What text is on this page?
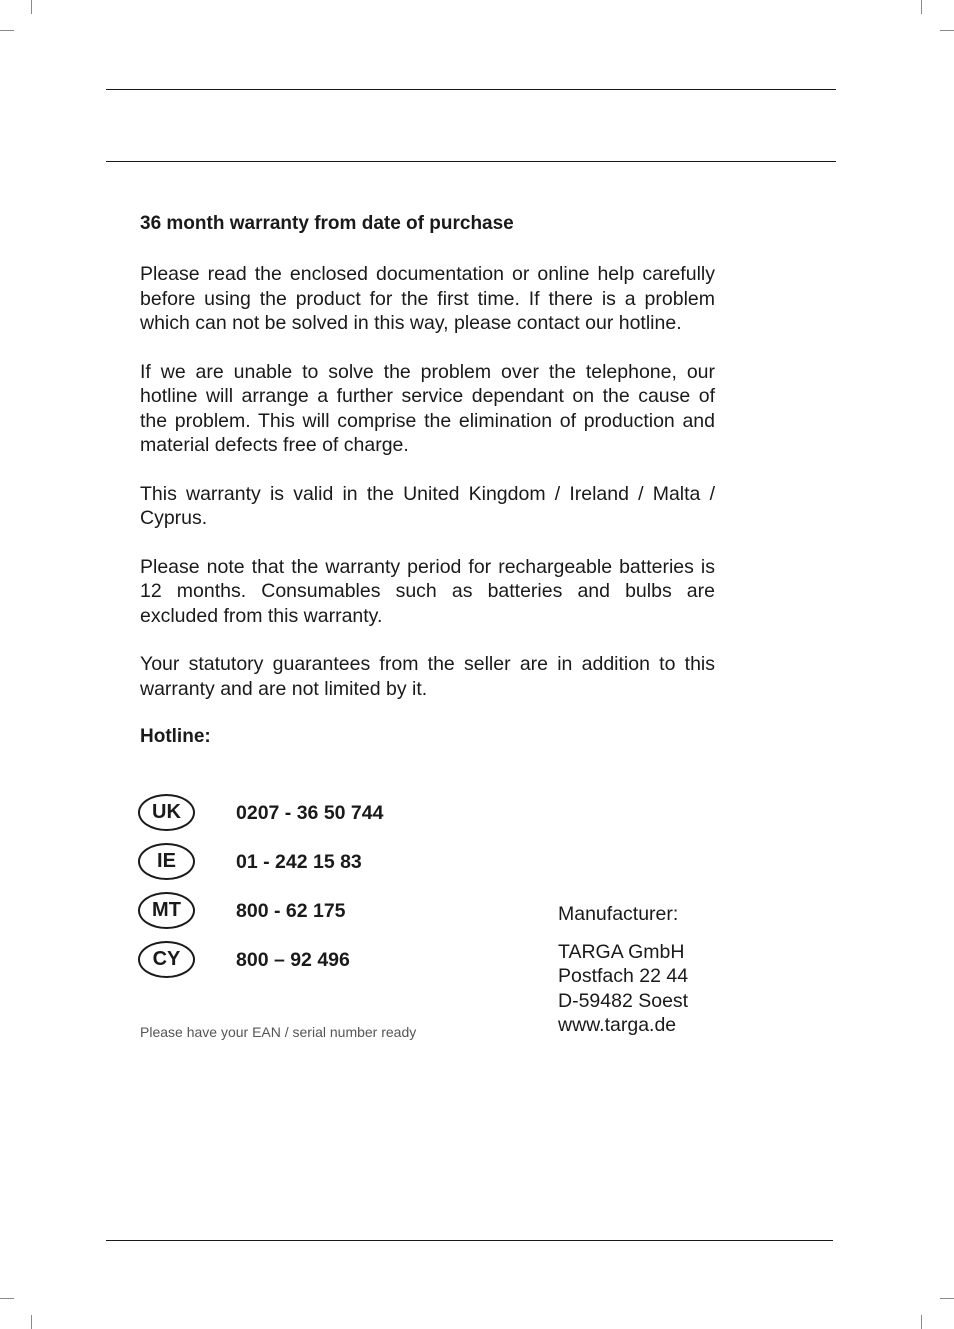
36 month warranty from date of purchase

Please read the enclosed documentation or online help carefully before using the product for the first time. If there is a problem which can not be solved in this way, please contact our hotline.

If we are unable to solve the problem over the telephone, our hotline will arrange a further service dependant on the cause of the problem. This will comprise the elimination of production and material defects free of charge.

This warranty is valid in the United Kingdom / Ireland / Malta / Cyprus.

Please note that the warranty period for rechargeable batteries is 12 months. Consumables such as batteries and bulbs are excluded from this warranty.

Your statutory guarantees from the seller are in addition to this warranty and are not limited by it.

Hotline:

UK	0207 - 36 50 744
IE	01 - 242 15 83
MT	800 - 62 175
CY	800 – 92 496
Please have your EAN / serial number ready

Manufacturer:

TARGA GmbH

Postfach 22 44

D-59482 Soest

www.targa.de
